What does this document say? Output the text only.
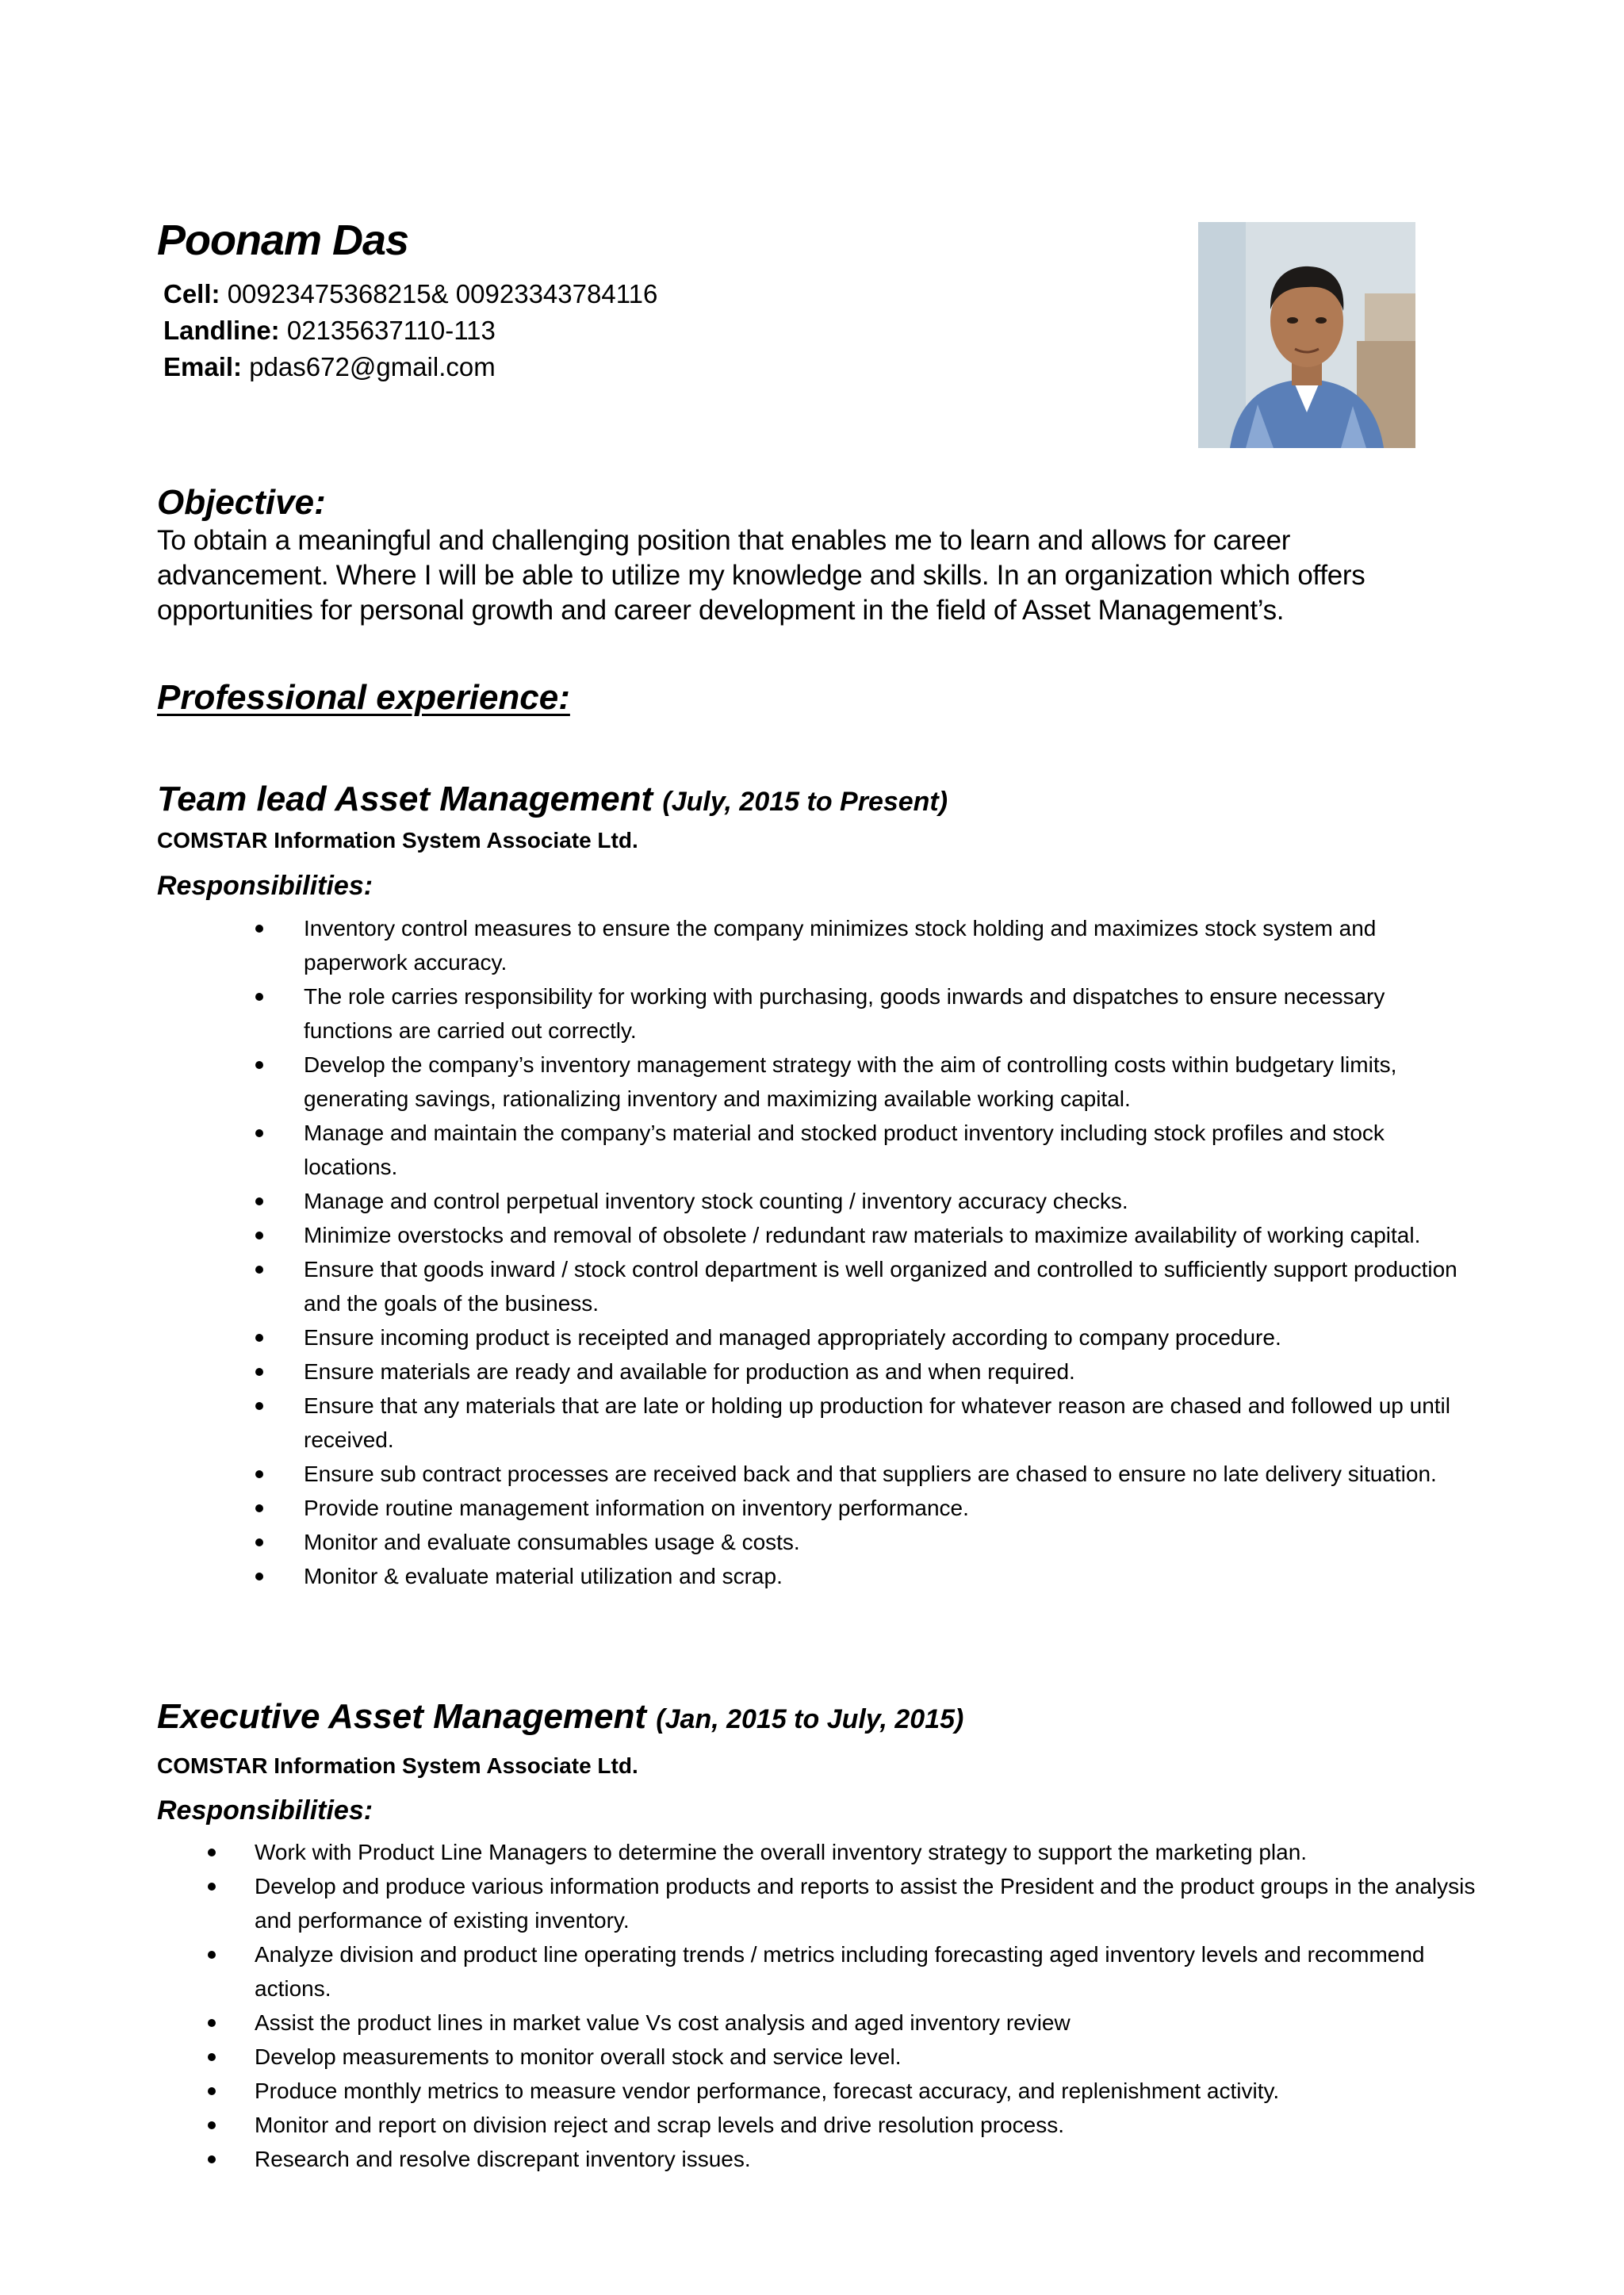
Poonam Das
Cell: 00923475368215& 00923343784116
Landline: 02135637110-113
Email: pdas672@gmail.com
Objective:
To obtain a meaningful and challenging position that enables me to learn and allows for career advancement. Where I will be able to utilize my knowledge and skills. In an organization which offers opportunities for personal growth and career development in the field of Asset Management’s.
Professional experience:
Team lead Asset Management (July, 2015 to Present)
COMSTAR Information System Associate Ltd.
Responsibilities:
Inventory control measures to ensure the company minimizes stock holding and maximizes stock system and paperwork accuracy.
The role carries responsibility for working with purchasing, goods inwards and dispatches to ensure necessary functions are carried out correctly.
Develop the company’s inventory management strategy with the aim of controlling costs within budgetary limits, generating savings, rationalizing inventory and maximizing available working capital.
Manage and maintain the company’s material and stocked product inventory including stock profiles and stock locations.
Manage and control perpetual inventory stock counting / inventory accuracy checks.
Minimize overstocks and removal of obsolete / redundant raw materials to maximize availability of working capital.
Ensure that goods inward / stock control department is well organized and controlled to sufficiently support production and the goals of the business.
Ensure incoming product is receipted and managed appropriately according to company procedure.
Ensure materials are ready and available for production as and when required.
Ensure that any materials that are late or holding up production for whatever reason are chased and followed up until received.
Ensure sub contract processes are received back and that suppliers are chased to ensure no late delivery situation.
Provide routine management information on inventory performance.
Monitor and evaluate consumables usage & costs.
Monitor & evaluate material utilization and scrap.
Executive Asset Management (Jan, 2015 to July, 2015)
COMSTAR Information System Associate Ltd.
Responsibilities:
Work with Product Line Managers to determine the overall inventory strategy to support the marketing plan.
Develop and produce various information products and reports to assist the President and the product groups in the analysis and performance of existing inventory.
Analyze division and product line operating trends / metrics including forecasting aged inventory levels and recommend actions.
Assist the product lines in market value Vs cost analysis and aged inventory review
Develop measurements to monitor overall stock and service level.
Produce monthly metrics to measure vendor performance, forecast accuracy, and replenishment activity.
Monitor and report on division reject and scrap levels and drive resolution process.
Research and resolve discrepant inventory issues.
